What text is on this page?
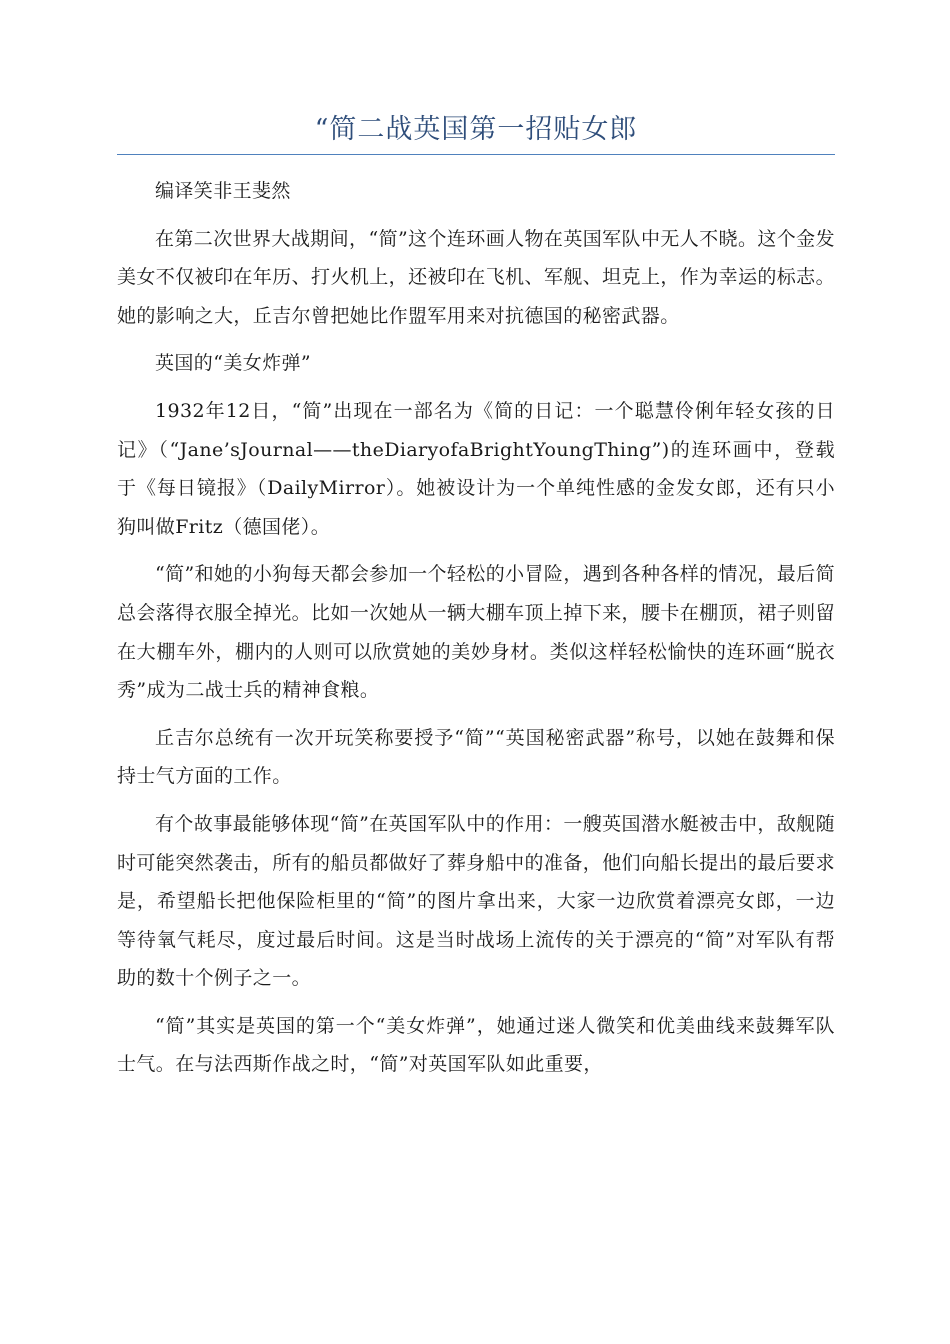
“简二战英国第一招贴女郎

编译笑非王斐然

在第二次世界大战期间，“简”这个连环画人物在英国军队中无人不晓。这个金发美女不仅被印在年历、打火机上，还被印在飞机、军舰、坦克上，作为幸运的标志。她的影响之大，丘吉尔曾把她比作盟军用来对抗德国的秘密武器。

英国的“美女炸弹”

1932年12日，“简”出现在一部名为《简的日记：一个聪慧伶俐年轻女孩的日记》（“Jane’sJournal——theDiaryofaBrightYoungThing”)的连环画中，登载于《每日镜报》（DailyMirror）。她被设计为一个单纯性感的金发女郎，还有只小狗叫做Fritz（德国佬）。

“简”和她的小狗每天都会参加一个轻松的小冒险，遇到各种各样的情况，最后简总会落得衣服全掉光。比如一次她从一辆大棚车顶上掉下来，腰卡在棚顶，裙子则留在大棚车外，棚内的人则可以欣赏她的美妙身材。类似这样轻松愉快的连环画“脱衣秀”成为二战士兵的精神食粮。

丘吉尔总统有一次开玩笑称要授予“简”“英国秘密武器”称号，以她在鼓舞和保持士气方面的工作。

有个故事最能够体现“简”在英国军队中的作用：一艘英国潜水艇被击中，敌舰随时可能突然袭击，所有的船员都做好了葬身船中的准备，他们向船长提出的最后要求是，希望船长把他保险柜里的“简”的图片拿出来，大家一边欣赏着漂亮女郎，一边等待氧气耗尽，度过最后时间。这是当时战场上流传的关于漂亮的“简”对军队有帮助的数十个例子之一。

“简”其实是英国的第一个“美女炸弹”，她通过迷人微笑和优美曲线来鼓舞军队士气。在与法西斯作战之时，“简”对英国军队如此重要，
